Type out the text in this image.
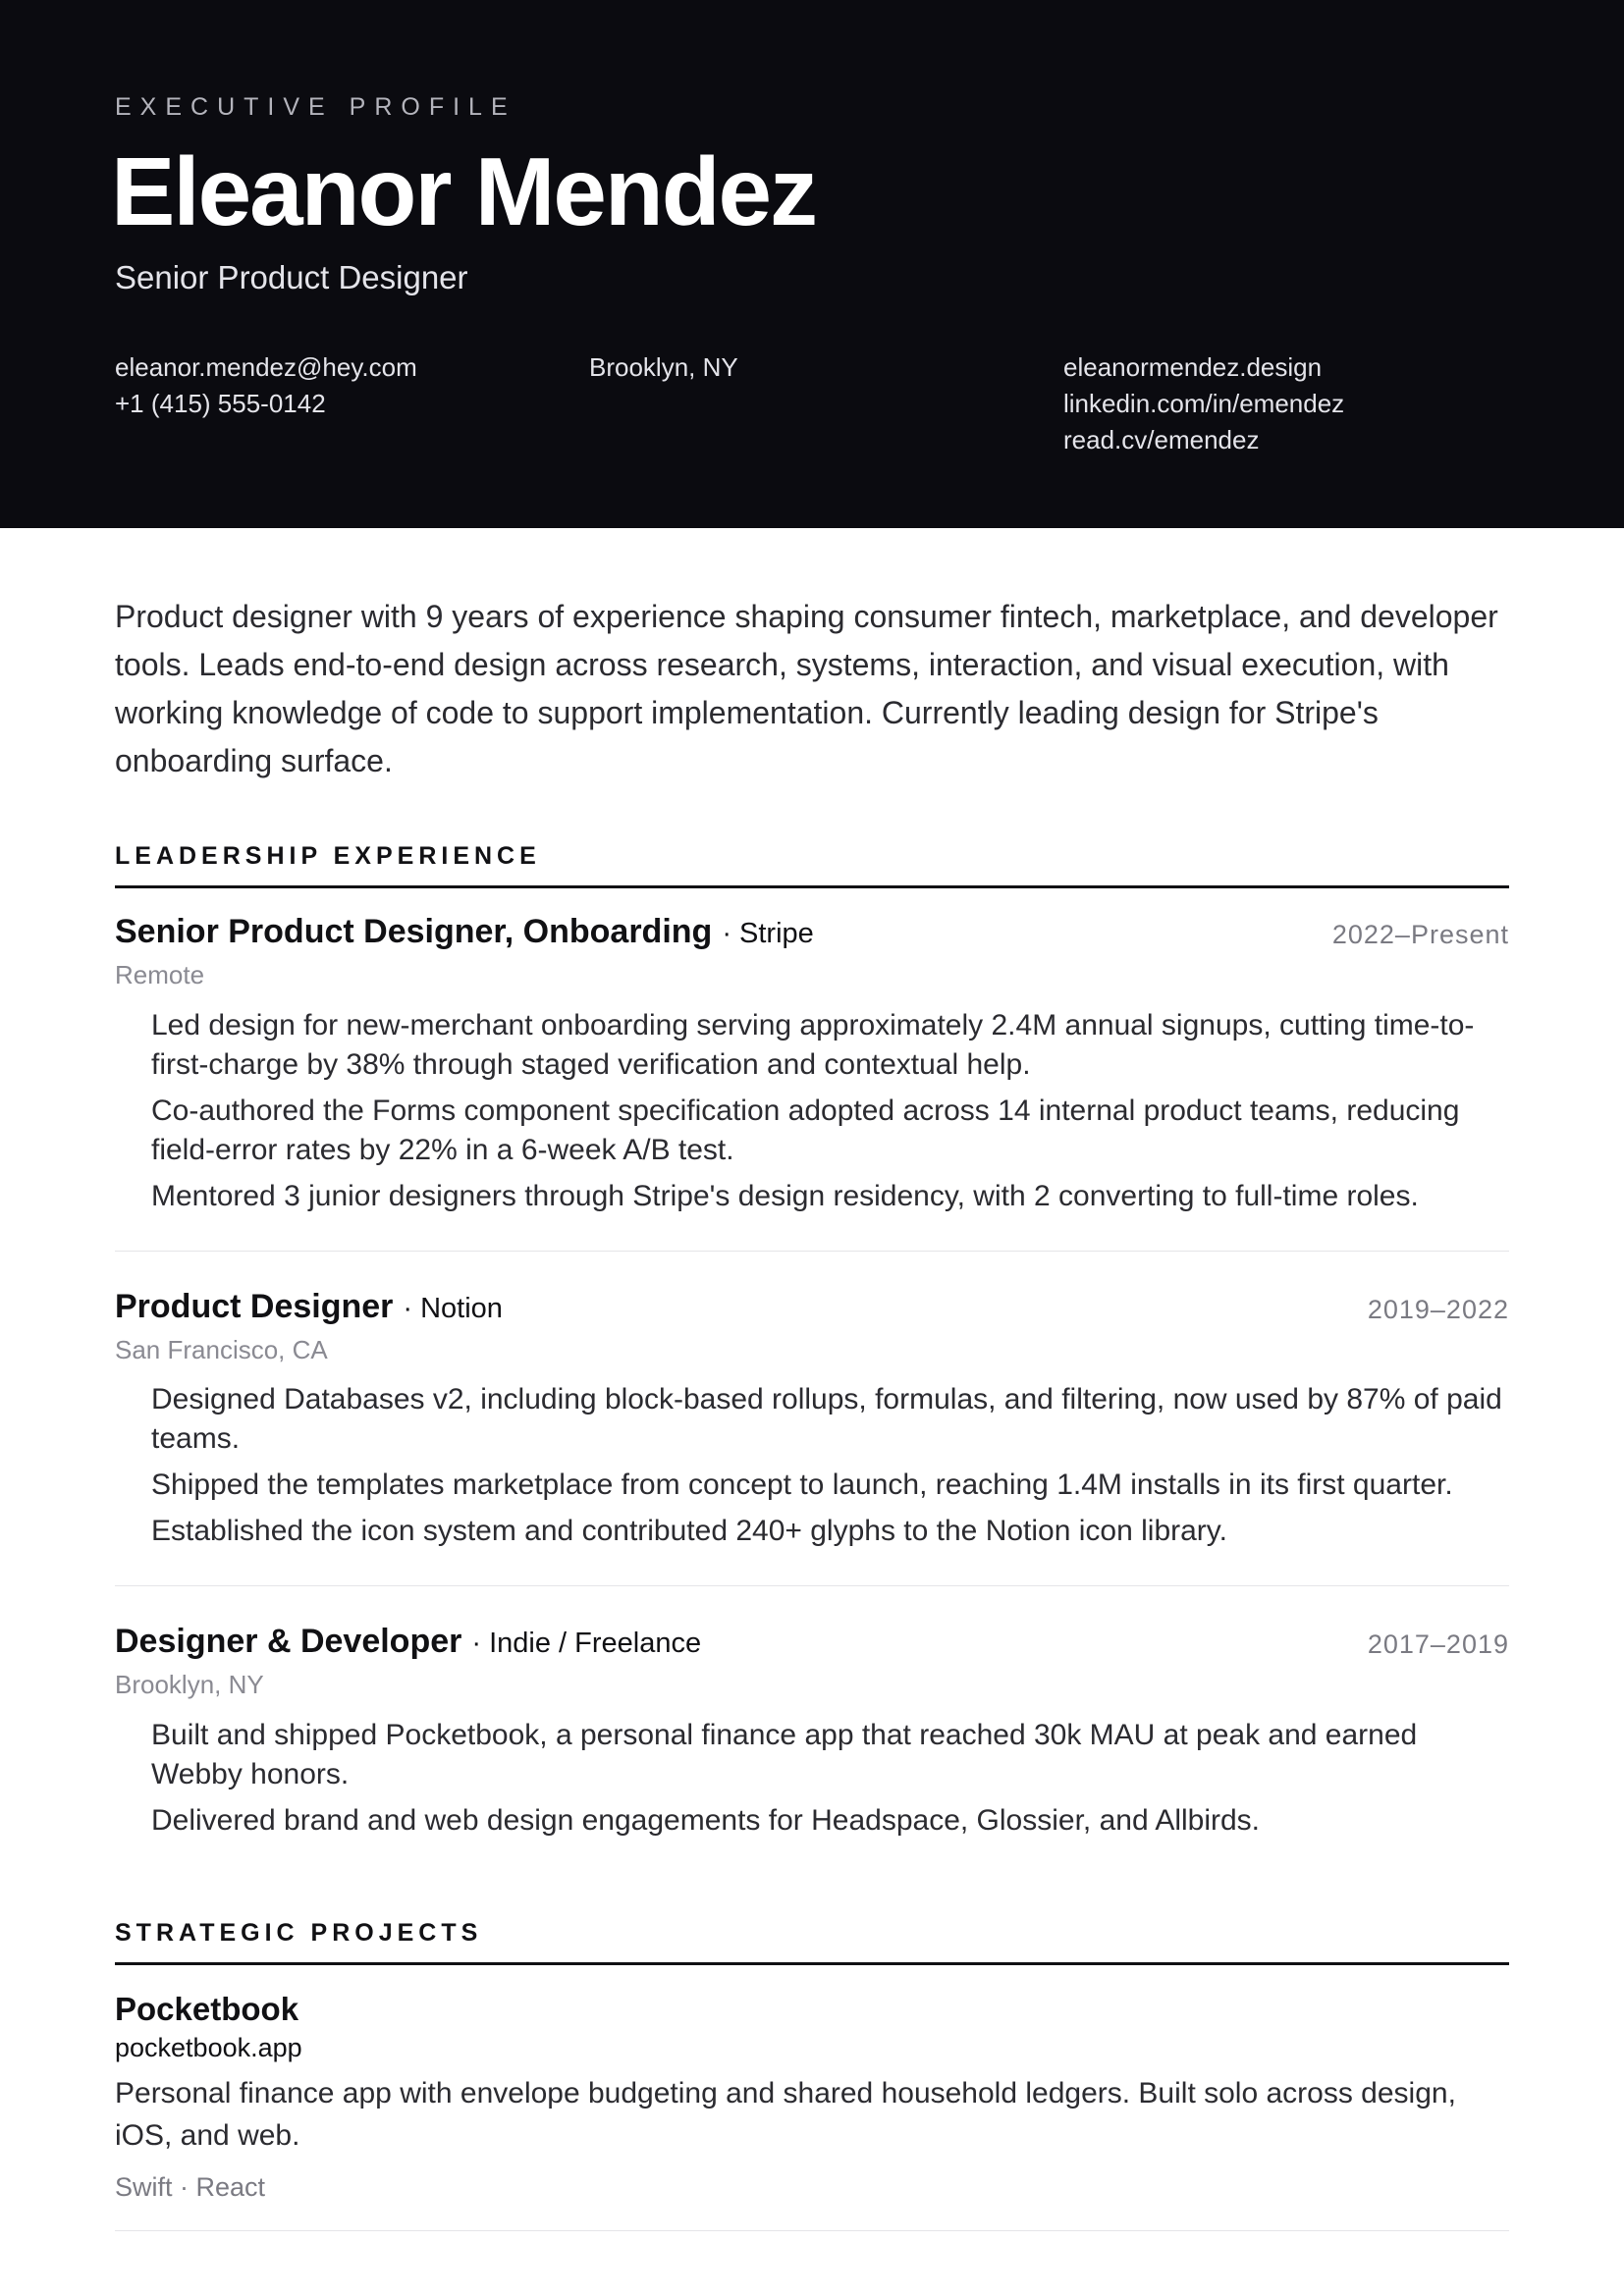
EXECUTIVE PROFILE
Eleanor Mendez
Senior Product Designer
eleanor.mendez@hey.com
+1 (415) 555-0142
Brooklyn, NY	eleanormendez.design
linkedin.com/in/emendez
read.cv/emendez
Product designer with 9 years of experience shaping consumer fintech, marketplace, and developer tools. Leads end-to-end design across research, systems, interaction, and visual execution, with working knowledge of code to support implementation. Currently leading design for Stripe's onboarding surface.
LEADERSHIP EXPERIENCE
Senior Product Designer, Onboarding · Stripe	2022–Present
Remote
Led design for new-merchant onboarding serving approximately 2.4M annual signups, cutting time-to-first-charge by 38% through staged verification and contextual help.
Co-authored the Forms component specification adopted across 14 internal product teams, reducing field-error rates by 22% in a 6-week A/B test.
Mentored 3 junior designers through Stripe's design residency, with 2 converting to full-time roles.
Product Designer · Notion	2019–2022
San Francisco, CA
Designed Databases v2, including block-based rollups, formulas, and filtering, now used by 87% of paid teams.
Shipped the templates marketplace from concept to launch, reaching 1.4M installs in its first quarter.
Established the icon system and contributed 240+ glyphs to the Notion icon library.
Designer & Developer · Indie / Freelance	2017–2019
Brooklyn, NY
Built and shipped Pocketbook, a personal finance app that reached 30k MAU at peak and earned Webby honors.
Delivered brand and web design engagements for Headspace, Glossier, and Allbirds.
STRATEGIC PROJECTS
Pocketbook
pocketbook.app
Personal finance app with envelope budgeting and shared household ledgers. Built solo across design, iOS, and web.
Swift · React
